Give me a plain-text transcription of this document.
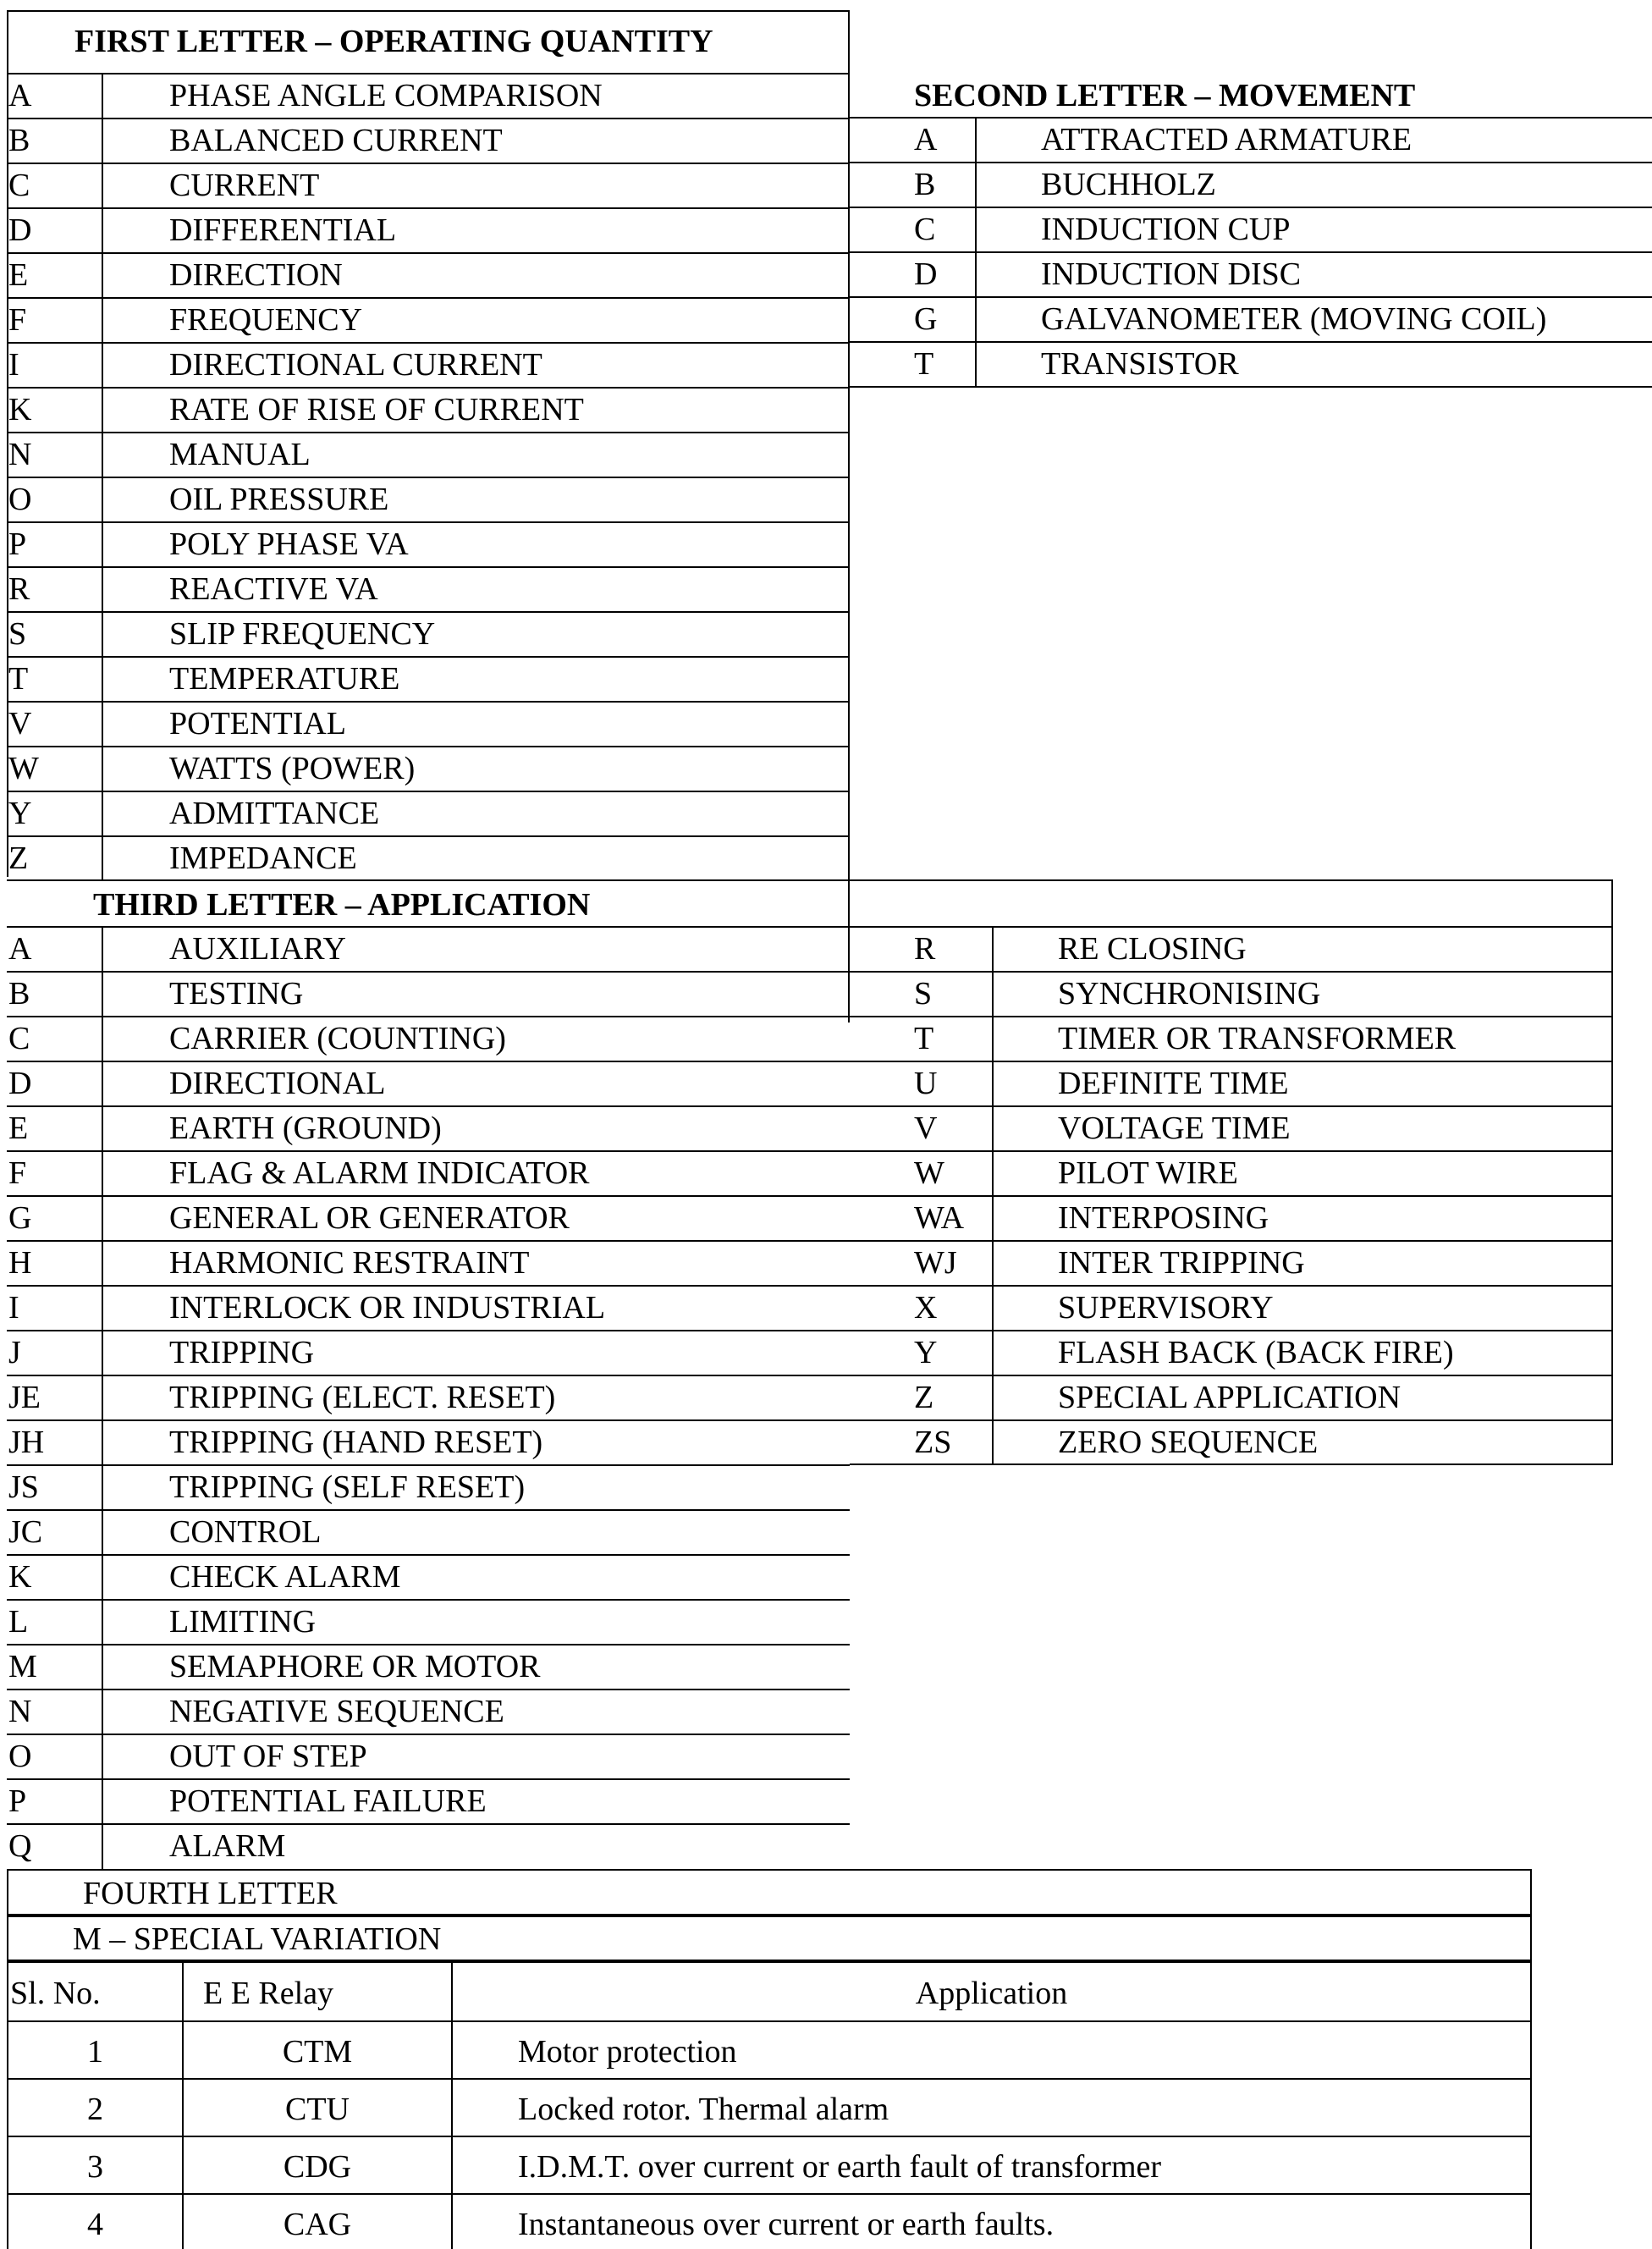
FIRST LETTER – OPERATING QUANTITY
A	PHASE ANGLE COMPARISON
B	BALANCED CURRENT
C	CURRENT
D	DIFFERENTIAL
E	DIRECTION
F	FREQUENCY
I	DIRECTIONAL CURRENT
K	RATE OF RISE OF CURRENT
N	MANUAL
O	OIL PRESSURE
P	POLY PHASE VA
R	REACTIVE VA
S	SLIP FREQUENCY
T	TEMPERATURE
V	POTENTIAL
W	WATTS (POWER)
Y	ADMITTANCE
Z	IMPEDANCE
SECOND LETTER – MOVEMENT
A	ATTRACTED ARMATURE
B	BUCHHOLZ
C	INDUCTION CUP
D	INDUCTION DISC
G	GALVANOMETER (MOVING COIL)
T	TRANSISTOR
THIRD LETTER – APPLICATION
A	AUXILIARY
B	TESTING
C	CARRIER (COUNTING)
D	DIRECTIONAL
E	EARTH (GROUND)
F	FLAG & ALARM INDICATOR
G	GENERAL OR GENERATOR
H	HARMONIC RESTRAINT
I	INTERLOCK OR INDUSTRIAL
J	TRIPPING
JE	TRIPPING (ELECT. RESET)
JH	TRIPPING (HAND RESET)
JS	TRIPPING (SELF RESET)
JC	CONTROL
K	CHECK ALARM
L	LIMITING
M	SEMAPHORE OR MOTOR
N	NEGATIVE SEQUENCE
O	OUT OF STEP
P	POTENTIAL FAILURE
Q	ALARM
R	RE CLOSING
S	SYNCHRONISING
T	TIMER OR TRANSFORMER
U	DEFINITE TIME
V	VOLTAGE TIME
W	PILOT WIRE
WA	INTERPOSING
WJ	INTER TRIPPING
X	SUPERVISORY
Y	FLASH BACK (BACK FIRE)
Z	SPECIAL APPLICATION
ZS	ZERO SEQUENCE
FOURTH LETTER
M – SPECIAL VARIATION
Sl. No.	E E Relay	Application
1	CTM	Motor protection
2	CTU	Locked rotor. Thermal alarm
3	CDG	I.D.M.T. over current or earth fault of transformer
4	CAG	Instantaneous over current or earth faults.
